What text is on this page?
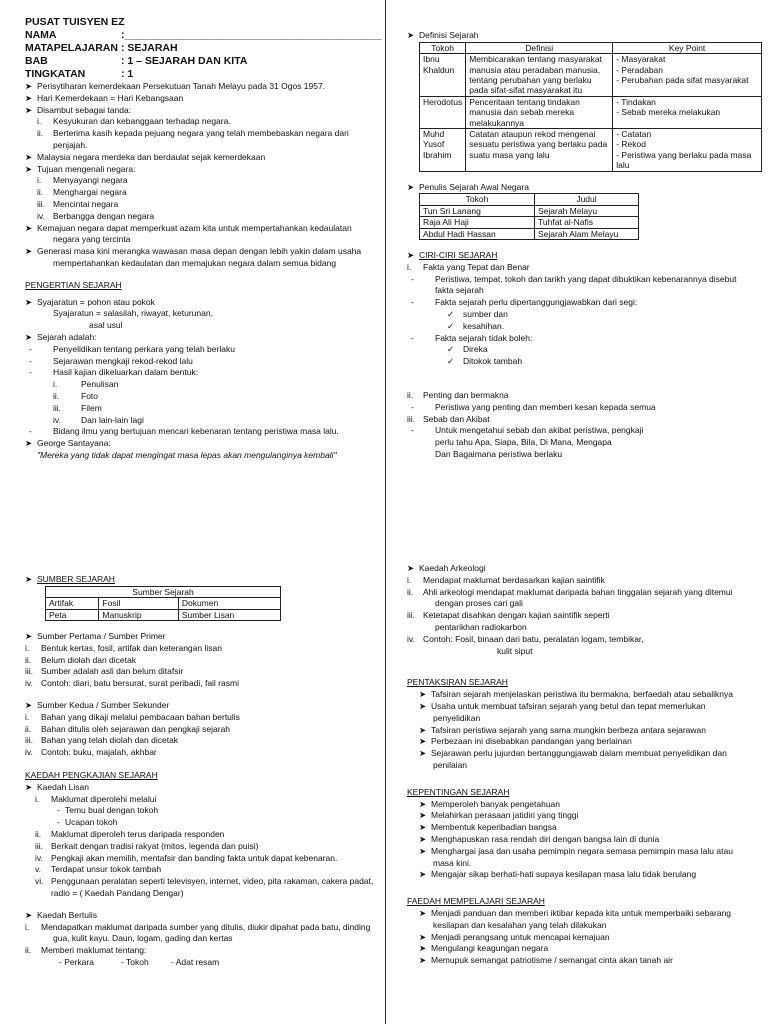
PUSAT TUISYEN EZ
NAMA	:____________________________________________
MATAPELAJARAN : SEJARAH
BAB	: 1 – SEJARAH DAN KITA
TINGKATAN	: 1
➤ Perisytiharan kemerdekaan Persekutuan Tanah Melayu pada 31 Ogos 1957.
➤ Hari Kemerdekaan = Hari Kebangsaan
➤ Disambut sebagai tanda:
i.	Kesyukuran dan kebanggaan terhadap negara.
ii.	Berterima kasih kepada pejuang negara yang telah membebaskan negara dari
penjajah.
➤ Malaysia negara merdeka dan berdaulat sejak kemerdekaan
➤ Tujuan mengenali negara:
i.	Menyayangi negara
ii.	Menghargai negara
iii. Mencintai negara
iv. Berbangga dengan negara
➤ Kemajuan negara dapat memperkuat azam kita untuk mempertahankan kedaulatan
negara yang tercinta
➤ Generasi masa kini merangka wawasan masa depan dengan lebih yakin dalam usaha
mempertahankan kedaulatan dan memajukan negara dalam semua bidang
PENGERTIAN SEJARAH
➤ Syajaratun = pohon atau pokok
Syajaratun = salasilah, riwayat, keturunan,
asal usul
➤ Sejarah adalah:
-	Penyelidikan tentang perkara yang telah berlaku
-	Sejarawan mengkaji rekod-rekod lalu
-	Hasil kajian dikeluarkan dalam bentuk:
i.	Penulisan
ii.	Foto
iii.	Filem
iv.	Dan lain-lain lagi
-	Bidang ilmu yang bertujuan mencari kebenaran tentang peristiwa masa lalu.
➤ George Santayana:
"Mereka yang tidak dapat mengingat masa lepas akan mengulanginya kembali"
➤ Definisi Sejarah
Tokoh	Definisi	Key Point
Ibnu Khaldun	Membicarakan tentang masyarakat manusia atau peradaban manusia, tentang perubahan yang berlaku pada sifat-sifat masyarakat itu	- Masyarakat
- Peradaban
- Perubahan pada sifat masyarakat

Herodotus	Penceritaan tentang tindakan manusia dan sebab mereka melakukannya	- Tindakan
- Sebab mereka melakukan

Muhd Yusof Ibrahim	Catatan ataupun rekod mengenai sesuatu peristiwa yang berlaku pada suatu masa yang lalu	- Catatan
- Rekod
- Peristiwa yang berlaku pada masa lalu
➤ Penulis Sejarah Awal Negara
Tokoh	Judul
Tun Sri Lanang	Sejarah Melayu
Raja Ali Haji	Tuhfat al-Nafis
Abdul Hadi Hassan	Sejarah Alam Melayu
➤ CIRI-CIRI SEJARAH
i.	Fakta yang Tepat dan Benar
-	Peristiwa, tempat, tokoh dan tarikh yang dapat dibuktikan kebenarannya disebut
fakta sejarah
-	Fakta sejarah perlu dipertanggungjawabkan dari segi:
✓	sumber dan
✓	kesahihan.
-	Fakta sejarah tidak boleh:
✓	Direka
✓	Ditokok tambah
ii.	Penting dan bermakna
-	Peristiwa yang penting dan memberi kesan kepada semua
iii. Sebab dan Akibat
-	Untuk mengetahui sebab dan akibat peristiwa, pengkaji
perlu tahu Apa, Siapa, Bila, Di Mana, Mengapa
Dan Bagaimana peristiwa berlaku
➤ SUMBER SEJARAH
Sumber Sejarah		
Artifak	Fosil	Dokumen
Peta	Manuskrip	Sumber Lisan
➤ Sumber Pertama / Sumber Primer
i.	Bentuk kertas, fosil, artifak dan keterangan lisan
ii.	Belum diolah dan dicetak
iii. Sumber adalah asli dan belum ditafsir
iv. Contoh: diari, batu bersurat, surat peribadi, fail rasmi
➤ Sumber Kedua / Sumber Sekunder
i.	Bahan yang dikaji melalui pembacaan bahan bertulis
ii.	Bahan ditulis oleh sejarawan dan pengkaji sejarah
iii. Bahan yang telah diolah dan dicetak
iv. Contoh: buku, majalah, akhbar
KAEDAH PENGKAJIAN SEJARAH
➤ Kaedah Lisan
i.	Maklumat diperolehi melalui
- Temu bual dengan tokoh
- Ucapan tokoh
ii.	Maklumat diperoleh terus daripada responden
iii. Berkait dengan tradisi rakyat (mitos, legenda dan puisi)
iv. Pengkaji akan memilih, mentafsir dan banding fakta untuk dapat kebenaran.
v.	Terdapat unsur tokok tambah
vi. Penggunaan peralatan seperti televisyen, internet, video, pita rakaman, cakera padat,
radio = ( Kaedah Pandang Dengar)
➤ Kaedah Bertulis
i.	Mendapatkan maklumat daripada sumber yang ditulis, diukir dipahat pada batu, dinding
gua, kulit kayu. Daun, logam, gading dan kertas
ii.	Memberi maklumat tentang:
- Perkara	- Tokoh	- Adat resam
➤ Kaedah Arkeologi
i.	Mendapat maklumat berdasarkan kajian saintifik
ii.	Ahli arkeologi mendapat maklumat daripada bahan tinggalan sejarah yang ditemui
dengan proses cari gali
iii. Ketetapat disahkan dengan kajian saintifik seperti
pentarikhan radiokarbon
iv. Contoh: Fosil, binaan dari batu, peralatan logam, tembikar,
kulit siput
PENTAKSIRAN SEJARAH
➤ Tafsiran sejarah menjelaskan peristiwa itu bermakna, berfaedah atau sebaliknya
➤ Usaha untuk membuat tafsiran sejarah yang betul dan tepat memerlukan
penyelidikan
➤ Tafsiran peristiwa sejarah yang sama mungkin berbeza antara sejarawan
➤ Perbezaan ini disebabkan pandangan yang berlainan
➤ Sejarawan perlu jujurdan bertanggungjawab dalam membuat penyelidikan dan
penilaian
KEPENTINGAN SEJARAH
➤ Memperoleh banyak pengetahuan
➤ Melahirkan perasaan jatidiri yang tinggi
➤ Membentuk keperibadian bangsa
➤ Menghapuskan rasa rendah diri dengan bangsa lain di dunia
➤ Menghargai jasa dan usaha pemimpin negara semasa pemimpin masa lalu atau
masa kini.
➤ Mengajar sikap berhati-hati supaya kesilapan masa lalu tidak berulang
FAEDAH MEMPELAJARI SEJARAH
➤ Menjadi panduan dan memberi iktibar kepada kita untuk memperbaiki sebarang
kesilapan dan kesalahan yang telah dilakukan
➤ Menjadi perangsang untuk mencapai kemajuan
➤ Mengulangi keagungan negara
➤ Memupuk semangat patriotisme / semangat cinta akan tanah air
